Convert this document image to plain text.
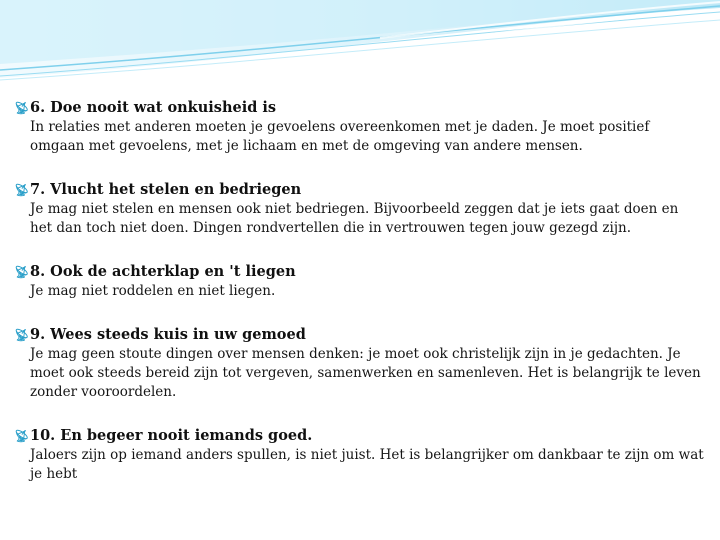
📡︎ 6. Doe nooit wat onkuisheid is
In relaties met anderen moeten je gevoelens overeenkomen met je daden. Je moet positief omgaan met gevoelens, met je lichaam en met de omgeving van andere mensen.
📡︎ 7. Vlucht het stelen en bedriegen
Je mag niet stelen en mensen ook niet bedriegen. Bijvoorbeeld zeggen dat je iets gaat doen en het dan toch niet doen. Dingen rondvertellen die in vertrouwen tegen jouw gezegd zijn.
📡︎ 8. Ook de achterklap en 't liegen
Je mag niet roddelen en niet liegen.
📡︎ 9. Wees steeds kuis in uw gemoed
Je mag geen stoute dingen over mensen denken: je moet ook christelijk zijn in je gedachten. Je moet ook steeds bereid zijn tot vergeven, samenwerken en samenleven. Het is belangrijk te leven zonder vooroordelen.
📡︎ 10. En begeer nooit iemands goed.
Jaloers zijn op iemand anders spullen, is niet juist. Het is belangrijker om dankbaar te zijn om wat je hebt
